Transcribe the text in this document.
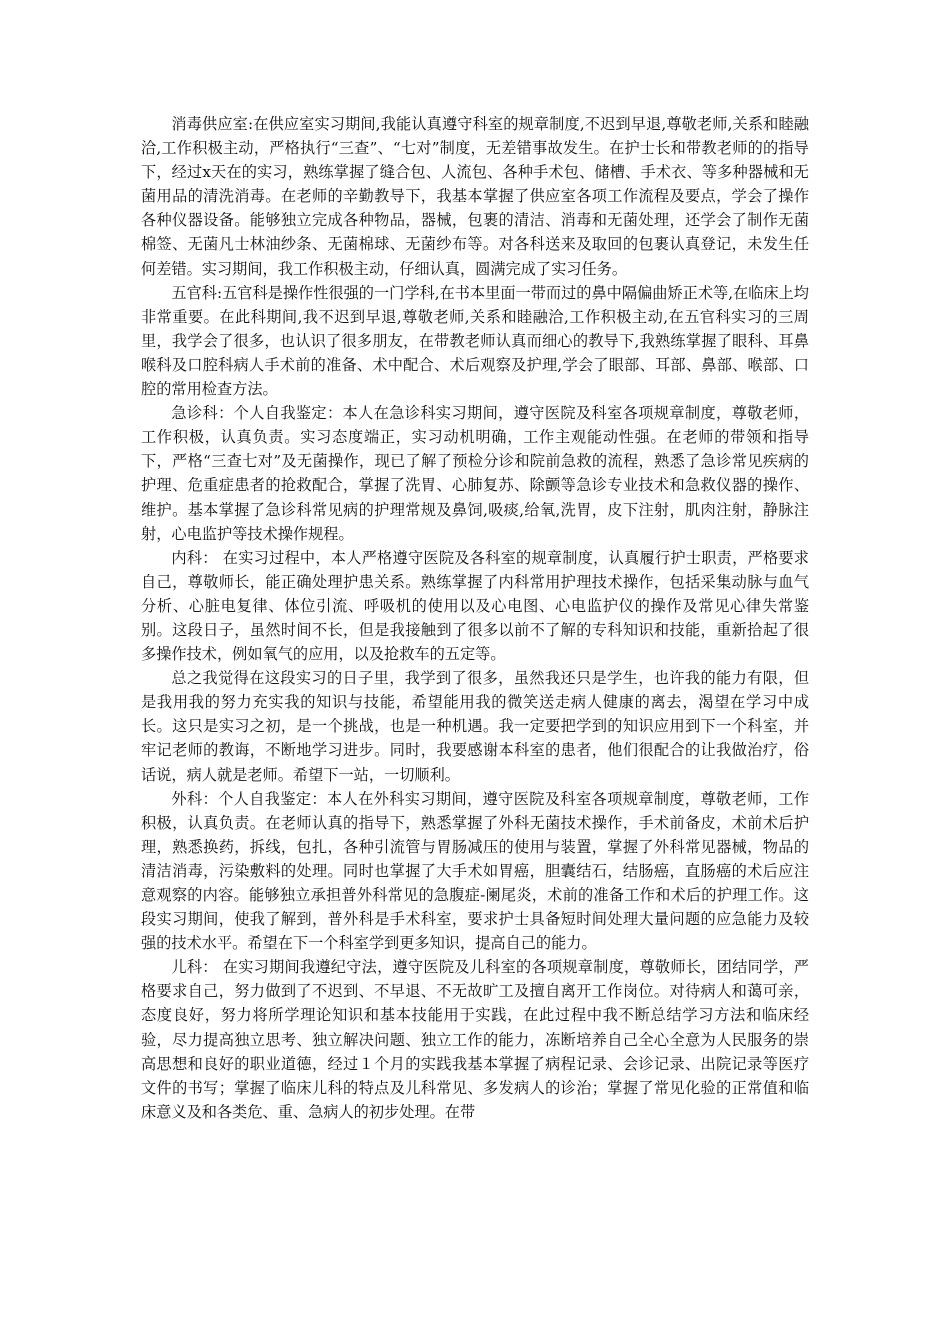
消毒供应室:在供应室实习期间,我能认真遵守科室的规章制度,不迟到早退,尊敬老师,关系和睦融洽,工作积极主动，严格执行“三查”、“七对”制度，无差错事故发生。在护士长和带教老师的的指导下，经过x天在的实习，熟练掌握了缝合包、人流包、各种手术包、储槽、手术衣、等多种器械和无菌用品的清洗消毒。在老师的辛勤教导下，我基本掌握了供应室各项工作流程及要点，学会了操作各种仪器设备。能够独立完成各种物品，器械，包裹的清洁、消毒和无菌处理，还学会了制作无菌棉签、无菌凡士林油纱条、无菌棉球、无菌纱布等。对各科送来及取回的包裹认真登记，未发生任何差错。实习期间，我工作积极主动，仔细认真，圆满完成了实习任务。

五官科:五官科是操作性很强的一门学科,在书本里面一带而过的鼻中隔偏曲矫正术等,在临床上均非常重要。在此科期间,我不迟到早退,尊敬老师,关系和睦融洽,工作积极主动,在五官科实习的三周里，我学会了很多，也认识了很多朋友，在带教老师认真而细心的教导下,我熟练掌握了眼科、耳鼻喉科及口腔科病人手术前的准备、术中配合、术后观察及护理,学会了眼部、耳部、鼻部、喉部、口腔的常用检查方法。

急诊科：个人自我鉴定：本人在急诊科实习期间，遵守医院及科室各项规章制度，尊敬老师，工作积极，认真负责。实习态度端正，实习动机明确，工作主观能动性强。在老师的带领和指导下，严格“三查七对”及无菌操作，现已了解了预检分诊和院前急救的流程，熟悉了急诊常见疾病的护理、危重症患者的抢救配合，掌握了洗胃、心肺复苏、除颤等急诊专业技术和急救仪器的操作、维护。基本掌握了急诊科常见病的护理常规及鼻饲,吸痰,给氧,洗胃，皮下注射，肌肉注射，静脉注射，心电监护等技术操作规程。

内科： 在实习过程中，本人严格遵守医院及各科室的规章制度，认真履行护士职责，严格要求自己，尊敬师长，能正确处理护患关系。熟练掌握了内科常用护理技术操作，包括采集动脉与血气分析、心脏电复律、体位引流、呼吸机的使用以及心电图、心电监护仪的操作及常见心律失常鉴别。这段日子，虽然时间不长，但是我接触到了很多以前不了解的专科知识和技能，重新拾起了很多操作技术，例如氧气的应用，以及抢救车的五定等。

总之我觉得在这段实习的日子里，我学到了很多，虽然我还只是学生，也许我的能力有限，但是我用我的努力充实我的知识与技能，希望能用我的微笑送走病人健康的离去，渴望在学习中成长。这只是实习之初，是一个挑战，也是一种机遇。我一定要把学到的知识应用到下一个科室，并牢记老师的教诲，不断地学习进步。同时，我要感谢本科室的患者，他们很配合的让我做治疗，俗话说，病人就是老师。希望下一站，一切顺利。

外科：个人自我鉴定：本人在外科实习期间，遵守医院及科室各项规章制度，尊敬老师，工作积极，认真负责。在老师认真的指导下，熟悉掌握了外科无菌技术操作，手术前备皮，术前术后护理，熟悉换药，拆线，包扎，各种引流管与胃肠减压的使用与装置，掌握了外科常见器械，物品的清洁消毒，污染敷料的处理。同时也掌握了大手术如胃癌，胆囊结石，结肠癌，直肠癌的术后应注意观察的内容。能够独立承担普外科常见的急腹症-阑尾炎，术前的准备工作和术后的护理工作。这段实习期间，使我了解到，普外科是手术科室，要求护士具备短时间处理大量问题的应急能力及较强的技术水平。希望在下一个科室学到更多知识，提高自己的能力。

儿科： 在实习期间我遵纪守法，遵守医院及儿科室的各项规章制度，尊敬师长，团结同学，严格要求自己，努力做到了不迟到、不早退、不无故旷工及擅自离开工作岗位。对待病人和蔼可亲，态度良好，努力将所学理论知识和基本技能用于实践，在此过程中我不断总结学习方法和临床经验，尽力提高独立思考、独立解决问题、独立工作的能力，冻断培养自己全心全意为人民服务的崇高思想和良好的职业道德，经过１个月的实践我基本掌握了病程记录、会诊记录、出院记录等医疗文件的书写；掌握了临床儿科的特点及儿科常见、多发病人的诊治；掌握了常见化验的正常值和临床意义及和各类危、重、急病人的初步处理。在带
